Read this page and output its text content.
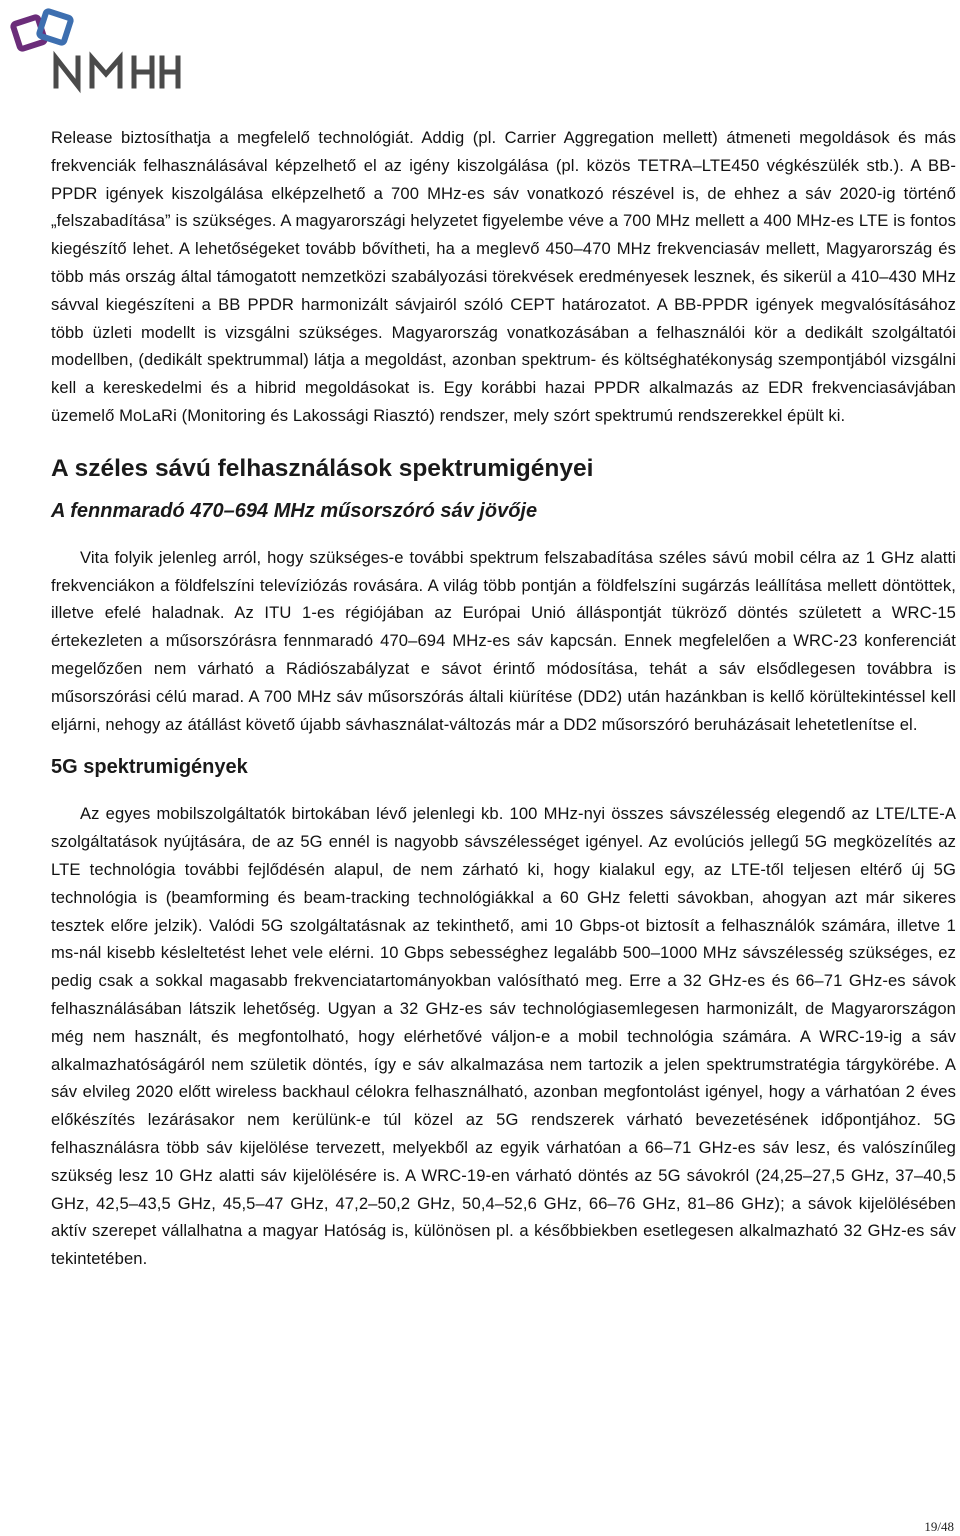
Release biztosíthatja a megfelelő technológiát. Addig (pl. Carrier Aggregation mellett) átmeneti megoldások és más frekvenciák felhasználásával képzelhető el az igény kiszolgálása (pl. közös TETRA–LTE450 végkészülék stb.). A BB-PPDR igények kiszolgálása elképzelhető a 700 MHz-es sáv vonatkozó részével is, de ehhez a sáv 2020-ig történő „felszabadítása” is szükséges. A magyarországi helyzetet figyelembe véve a 700 MHz mellett a 400 MHz-es LTE is fontos kiegészítő lehet. A lehetőségeket tovább bővítheti, ha a meglevő 450–470 MHz frekvenciasáv mellett, Magyarország és több más ország által támogatott nemzetközi szabályozási törekvések eredményesek lesznek, és sikerül a 410–430 MHz sávval kiegészíteni a BB PPDR harmonizált sávjairól szóló CEPT határozatot. A BB-PPDR igények megvalósításához több üzleti modellt is vizsgálni szükséges. Magyarország vonatkozásában a felhasználói kör a dedikált szolgáltatói modellben, (dedikált spektrummal) látja a megoldást, azonban spektrum- és költséghatékonyság szempontjából vizsgálni kell a kereskedelmi és a hibrid megoldásokat is. Egy korábbi hazai PPDR alkalmazás az EDR frekvenciasávjában üzemelő MoLaRi (Monitoring és Lakossági Riasztó) rendszer, mely szórt spektrumú rendszerekkel épült ki.

A széles sávú felhasználások spektrumigényei
A fennmaradó 470–694 MHz műsorszóró sáv jövője

Vita folyik jelenleg arról, hogy szükséges-e további spektrum felszabadítása széles sávú mobil célra az 1 GHz alatti frekvenciákon a földfelszíni televíziózás rovására. A világ több pontján a földfelszíni sugárzás leállítása mellett döntöttek, illetve efelé haladnak. Az ITU 1-es régiójában az Európai Unió álláspontját tükröző döntés született a WRC-15 értekezleten a műsorszórásra fennmaradó 470–694 MHz-es sáv kapcsán. Ennek megfelelően a WRC-23 konferenciát megelőzően nem várható a Rádiószabályzat e sávot érintő módosítása, tehát a sáv elsődlegesen továbbra is műsorszórási célú marad. A 700 MHz sáv műsorszórás általi kiürítése (DD2) után hazánkban is kellő körültekintéssel kell eljárni, nehogy az átállást követő újabb sávhasználat-változás már a DD2 műsorszóró beruházásait lehetetlenítse el.

5G spektrumigények

Az egyes mobilszolgáltatók birtokában lévő jelenlegi kb. 100 MHz-nyi összes sávszélesség elegendő az LTE/LTE-A szolgáltatások nyújtására, de az 5G ennél is nagyobb sávszélességet igényel. Az evolúciós jellegű 5G megközelítés az LTE technológia további fejlődésén alapul, de nem zárható ki, hogy kialakul egy, az LTE-től teljesen eltérő új 5G technológia is (beamforming és beam-tracking technológiákkal a 60 GHz feletti sávokban, ahogyan azt már sikeres tesztek előre jelzik). Valódi 5G szolgáltatásnak az tekinthető, ami 10 Gbps-ot biztosít a felhasználók számára, illetve 1 ms-nál kisebb késleltetést lehet vele elérni. 10 Gbps sebességhez legalább 500–1000 MHz sávszélesség szükséges, ez pedig csak a sokkal magasabb frekvenciatartományokban valósítható meg. Erre a 32 GHz-es és 66–71 GHz-es sávok felhasználásában látszik lehetőség. Ugyan a 32 GHz-es sáv technológiasemlegesen harmonizált, de Magyarországon még nem használt, és megfontolható, hogy elérhetővé váljon-e a mobil technológia számára. A WRC-19-ig a sáv alkalmazhatóságáról nem születik döntés, így e sáv alkalmazása nem tartozik a jelen spektrumstratégia tárgykörébe. A sáv elvileg 2020 előtt wireless backhaul célokra felhasználható, azonban megfontolást igényel, hogy a várhatóan 2 éves előkészítés lezárásakor nem kerülünk-e túl közel az 5G rendszerek várható bevezetésének időpontjához. 5G felhasználásra több sáv kijelölése tervezett, melyekből az egyik várhatóan a 66–71 GHz-es sáv lesz, és valószínűleg szükség lesz 10 GHz alatti sáv kijelölésére is. A WRC-19-en várható döntés az 5G sávokról (24,25–27,5 GHz, 37–40,5 GHz, 42,5–43,5 GHz, 45,5–47 GHz, 47,2–50,2 GHz, 50,4–52,6 GHz, 66–76 GHz, 81–86 GHz); a sávok kijelölésében aktív szerepet vállalhatna a magyar Hatóság is, különösen pl. a későbbiekben esetlegesen alkalmazható 32 GHz-es sáv tekintetében.

19/48
